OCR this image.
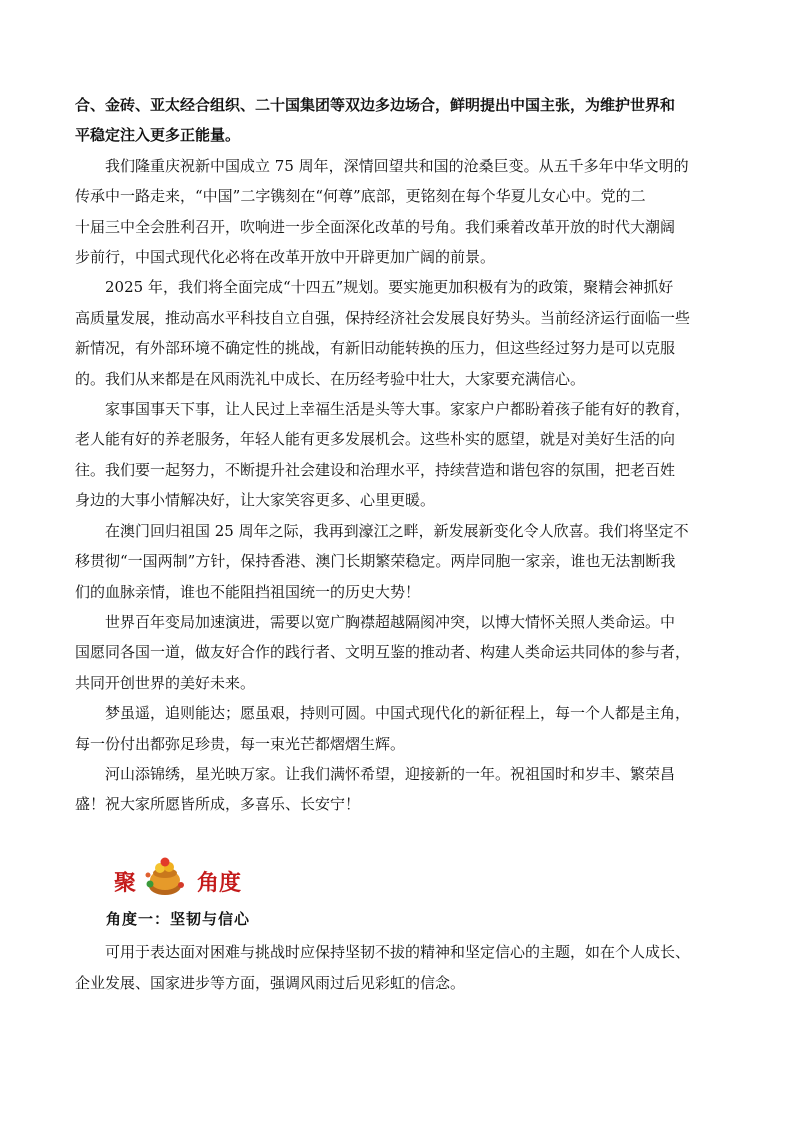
合、金砖、亚太经合组织、二十国集团等双边多边场合，鲜明提出中国主张，为维护世界和
平稳定注入更多正能量。
我们隆重庆祝新中国成立 75 周年，深情回望共和国的沧桑巨变。从五千多年中华文明的
传承中一路走来，“中国”二字镌刻在“何尊”底部，更铭刻在每个华夏儿女心中。党的二
十届三中全会胜利召开，吹响进一步全面深化改革的号角。我们乘着改革开放的时代大潮阔
步前行，中国式现代化必将在改革开放中开辟更加广阔的前景。
2025 年，我们将全面完成“十四五”规划。要实施更加积极有为的政策，聚精会神抓好
高质量发展，推动高水平科技自立自强，保持经济社会发展良好势头。当前经济运行面临一些
新情况，有外部环境不确定性的挑战，有新旧动能转换的压力，但这些经过努力是可以克服
的。我们从来都是在风雨洗礼中成长、在历经考验中壮大，大家要充满信心。
家事国事天下事，让人民过上幸福生活是头等大事。家家户户都盼着孩子能有好的教育，
老人能有好的养老服务，年轻人能有更多发展机会。这些朴实的愿望，就是对美好生活的向
往。我们要一起努力，不断提升社会建设和治理水平，持续营造和谐包容的氛围，把老百姓
身边的大事小情解决好，让大家笑容更多、心里更暖。
在澳门回归祖国 25 周年之际，我再到濠江之畔，新发展新变化令人欣喜。我们将坚定不
移贯彻“一国两制”方针，保持香港、澳门长期繁荣稳定。两岸同胞一家亲，谁也无法割断我
们的血脉亲情，谁也不能阻挡祖国统一的历史大势！
世界百年变局加速演进，需要以宽广胸襟超越隔阂冲突，以博大情怀关照人类命运。中
国愿同各国一道，做友好合作的践行者、文明互鉴的推动者、构建人类命运共同体的参与者，
共同开创世界的美好未来。
梦虽遥，追则能达；愿虽艰，持则可圆。中国式现代化的新征程上，每一个人都是主角，
每一份付出都弥足珍贵，每一束光芒都熠熠生辉。
河山添锦绣，星光映万家。让我们满怀希望，迎接新的一年。祝祖国时和岁丰、繁荣昌
盛！祝大家所愿皆所成，多喜乐、长安宁！
聚	角度
角度一：坚韧与信心
可用于表达面对困难与挑战时应保持坚韧不拔的精神和坚定信心的主题，如在个人成长、
企业发展、国家进步等方面，强调风雨过后见彩虹的信念。
